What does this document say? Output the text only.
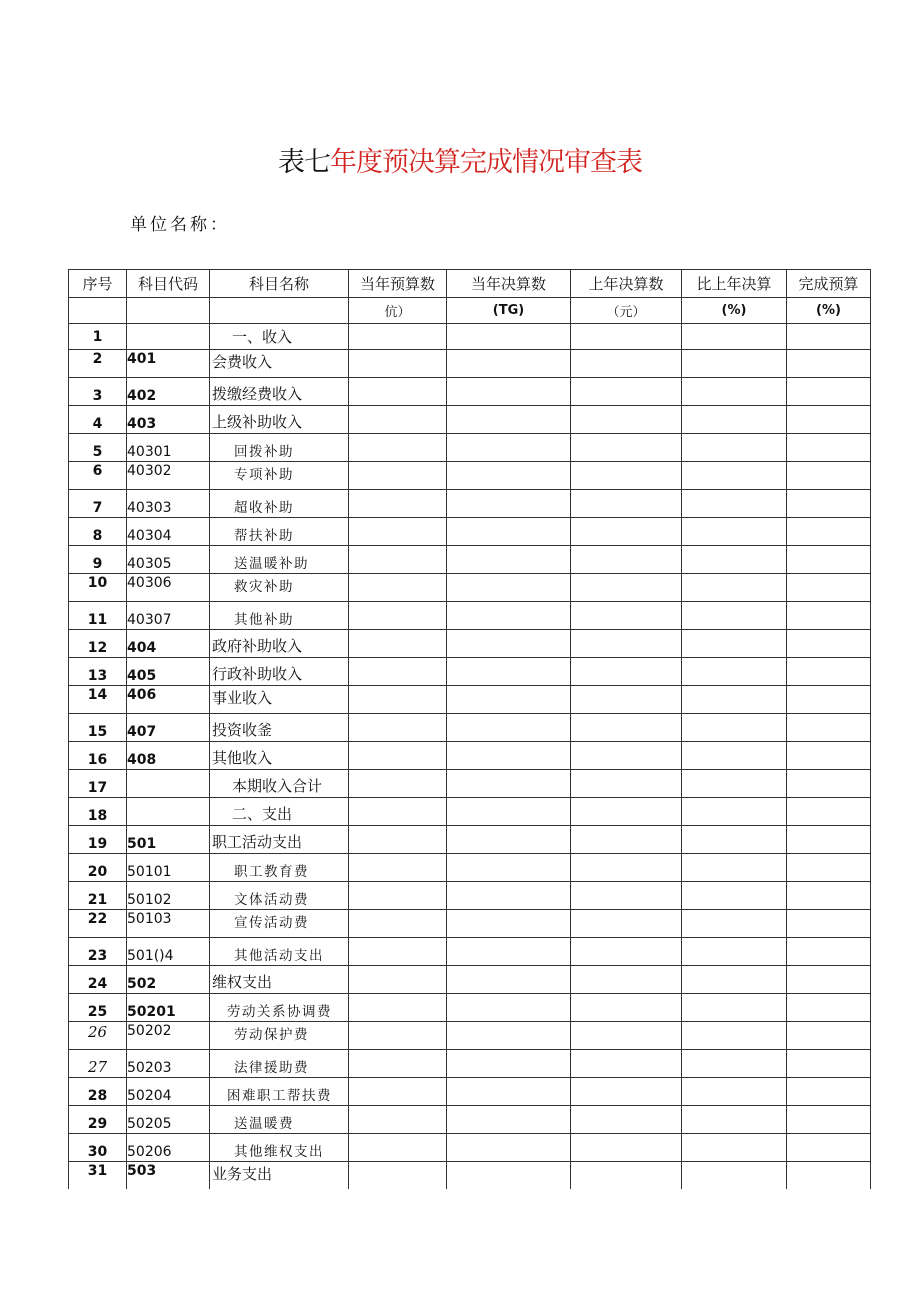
表七年度预决算完成情况审查表
单位名称：
序号	科目代码	科目名称	当年预算数	当年决算数	上年决算数	比上年决算	完成预算
			伉）	(TG)	（元）	(%)	(%)
1		一、收入					
2	401	会费收入					
3	402	拨缴经费收入					
4	403	上级补助收入					
5	40301	回拨补助					
6	40302	专项补助					
7	40303	超收补助					
8	40304	帮扶补助					
9	40305	送温暖补助					
10	40306	救灾补助					
11	40307	其他补助					
12	404	政府补助收入					
13	405	行政补助收入					
14	406	事业收入					
15	407	投资收釜					
16	408	其他收入					
17		本期收入合计					
18		二、支出					
19	501	职工活动支出					
20	50101	职工教育费					
21	50102	文体活动费					
22	50103	宣传活动费					
23	501()4	其他活动支出					
24	502	维权支出					
25	50201	劳动关系协调费					
26	50202	劳动保护费					
27	50203	法律援助费					
28	50204	困难职工帮扶费					
29	50205	送温暖费					
30	50206	其他维权支出					
31	503	业务支出					
